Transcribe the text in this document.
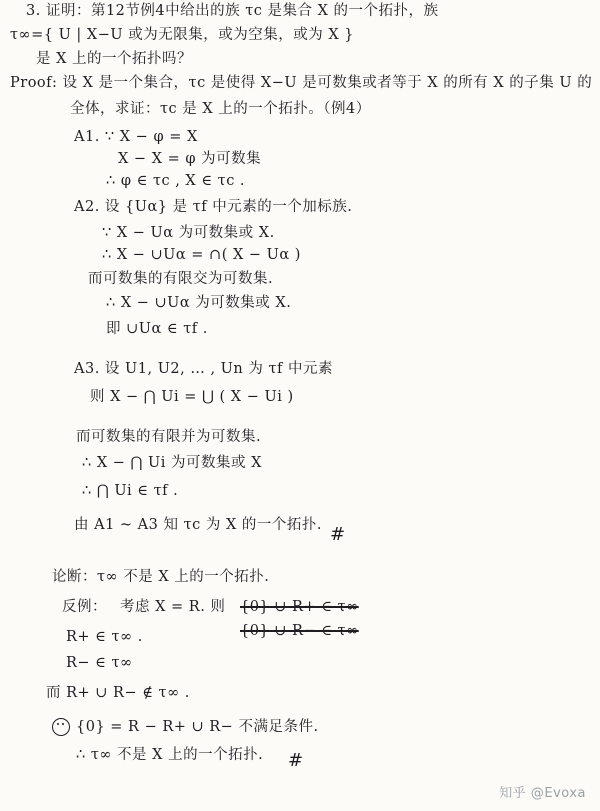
3. 证明：第12节例4中给出的族 τc 是集合 X 的一个拓扑，族
τ∞={ U | X−U 或为无限集，或为空集，或为 X }
是 X 上的一个拓扑吗？
Proof: 设 X 是一个集合，τc 是使得 X−U 是可数集或者等于 X 的所有 X 的子集 U 的
全体，求证：τc 是 X 上的一个拓扑。（例4）
A1. ∵ X − φ = X
X − X = φ 为可数集
∴ φ ∈ τc , X ∈ τc .
A2. 设 {Uα} 是 τf 中元素的一个加标族.
∵ X − Uα 为可数集或 X.
∴ X − ∪Uα = ∩( X − Uα )
而可数集的有限交为可数集.
∴ X − ∪Uα 为可数集或 X.
即 ∪Uα ∈ τf .
A3. 设 U1, U2, … , Un 为 τf 中元素
则 X − ⋂ Ui = ⋃ ( X − Ui )
而可数集的有限并为可数集.
∴ X − ⋂ Ui 为可数集或 X
∴ ⋂ Ui ∈ τf .
由 A1 ~ A3 知 τc 为 X 的一个拓扑.
论断：τ∞ 不是 X 上的一个拓扑.
反例： 考虑 X = R. 则 {0} ∪ R+ ∈ τ∞
{0} ∪ R− ∈ τ∞
R+ ∈ τ∞ .
R− ∈ τ∞
而 R+ ∪ R− ∉ τ∞ .
{0} = R − R+ ∪ R− 不满足条件.
∴ τ∞ 不是 X 上的一个拓扑.
#
#
知乎 @Evoxa
